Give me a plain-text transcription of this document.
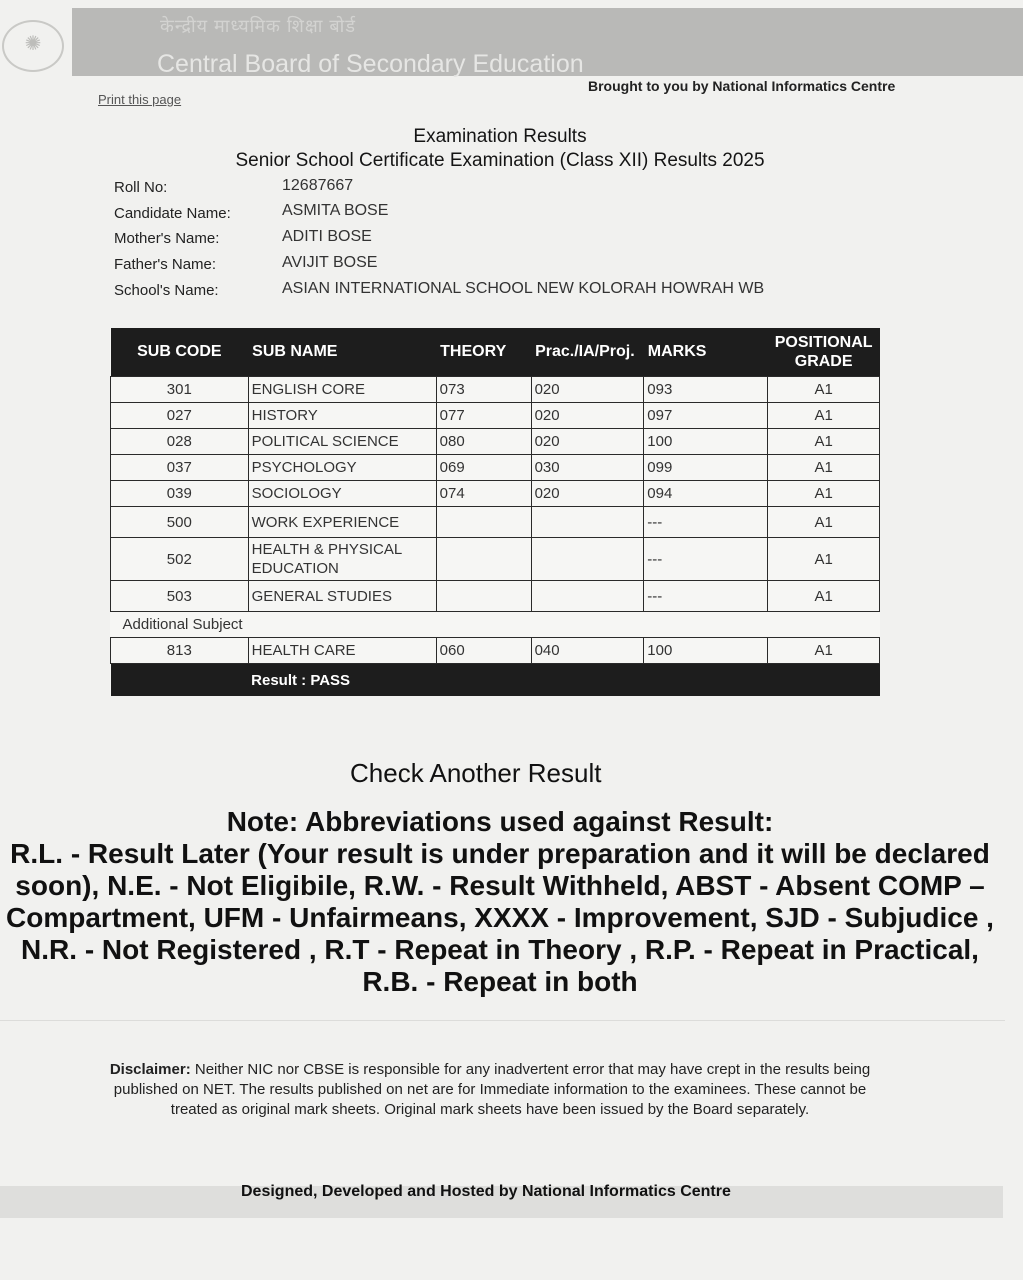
केन्द्रीय माध्यमिक शिक्षा बोर्ड
Central Board of Secondary Education
✺
Print this page
Brought to you by National Informatics Centre
Examination Results
Senior School Certificate Examination (Class XII) Results 2025
Roll No:	12687667
Candidate Name:	ASMITA BOSE
Mother's Name:	ADITI BOSE
Father's Name:	AVIJIT BOSE
School's Name:	ASIAN INTERNATIONAL SCHOOL NEW KOLORAH HOWRAH WB
SUB CODE	SUB NAME	THEORY	Prac./IA/Proj.	MARKS	POSITIONAL GRADE
301	ENGLISH CORE	073	020	093	A1
027	HISTORY	077	020	097	A1
028	POLITICAL SCIENCE	080	020	100	A1
037	PSYCHOLOGY	069	030	099	A1
039	SOCIOLOGY	074	020	094	A1
500	WORK EXPERIENCE			---	A1
502	HEALTH & PHYSICAL EDUCATION			---	A1
503	GENERAL STUDIES			---	A1
Additional Subject					
813	HEALTH CARE	060	040	100	A1
	Result : PASS				
Check Another Result
Note: Abbreviations used against Result:
R.L. - Result Later (Your result is under preparation and it will be declared soon), N.E. - Not Eligibile, R.W. - Result Withheld, ABST - Absent COMP – Compartment, UFM - Unfairmeans, XXXX - Improvement, SJD - Subjudice , N.R. - Not Registered , R.T - Repeat in Theory , R.P. - Repeat in Practical, R.B. - Repeat in both
Disclaimer: Neither NIC nor CBSE is responsible for any inadvertent error that may have crept in the results being published on NET. The results published on net are for Immediate information to the examinees. These cannot be treated as original mark sheets. Original mark sheets have been issued by the Board separately.
Designed, Developed and Hosted by National Informatics Centre
